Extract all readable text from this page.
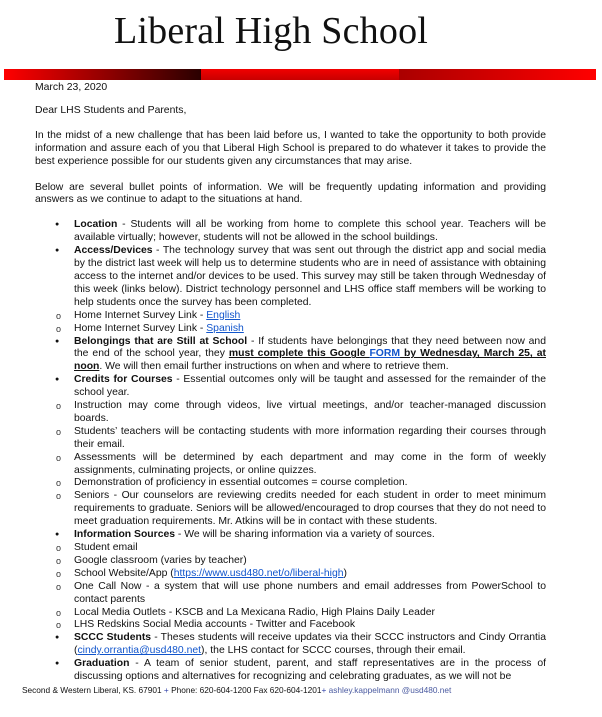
Liberal High School
March 23, 2020
Dear LHS Students and Parents,
In the midst of a new challenge that has been laid before us, I wanted to take the opportunity to both provide information and assure each of you that Liberal High School is prepared to do whatever it takes to provide the best experience possible for our students given any circumstances that may arise.
Below are several bullet points of information. We will be frequently updating information and providing answers as we continue to adapt to the situations at hand.
● Location - Students will all be working from home to complete this school year. Teachers will be available virtually; however, students will not be allowed in the school buildings.
● Access/Devices - The technology survey that was sent out through the district app and social media by the district last week will help us to determine students who are in need of assistance with obtaining access to the internet and/or devices to be used. This survey may still be taken through Wednesday of this week (links below). District technology personnel and LHS office staff members will be working to help students once the survey has been completed.
o Home Internet Survey Link - English
o Home Internet Survey Link - Spanish
● Belongings that are Still at School - If students have belongings that they need between now and the end of the school year, they must complete this Google FORM by Wednesday, March 25, at noon. We will then email further instructions on when and where to retrieve them.
● Credits for Courses - Essential outcomes only will be taught and assessed for the remainder of the school year.
o Instruction may come through videos, live virtual meetings, and/or teacher-managed discussion boards.
o Students’ teachers will be contacting students with more information regarding their courses through their email.
o Assessments will be determined by each department and may come in the form of weekly assignments, culminating projects, or online quizzes.
o Demonstration of proficiency in essential outcomes = course completion.
o Seniors - Our counselors are reviewing credits needed for each student in order to meet minimum requirements to graduate. Seniors will be allowed/encouraged to drop courses that they do not need to meet graduation requirements. Mr. Atkins will be in contact with these students.
● Information Sources - We will be sharing information via a variety of sources.
o Student email
o Google classroom (varies by teacher)
o School Website/App (https://www.usd480.net/o/liberal-high)
o One Call Now - a system that will use phone numbers and email addresses from PowerSchool to contact parents
o Local Media Outlets - KSCB and La Mexicana Radio, High Plains Daily Leader
o LHS Redskins Social Media accounts - Twitter and Facebook
● SCCC Students - Theses students will receive updates via their SCCC instructors and Cindy Orrantia (cindy.orrantia@usd480.net), the LHS contact for SCCC courses, through their email.
● Graduation - A team of senior student, parent, and staff representatives are in the process of discussing options and alternatives for recognizing and celebrating graduates, as we will not be
Second & Western Liberal, KS. 67901 + Phone: 620-604-1200 Fax 620-604-1201+ ashley.kappelmann @usd480.net
